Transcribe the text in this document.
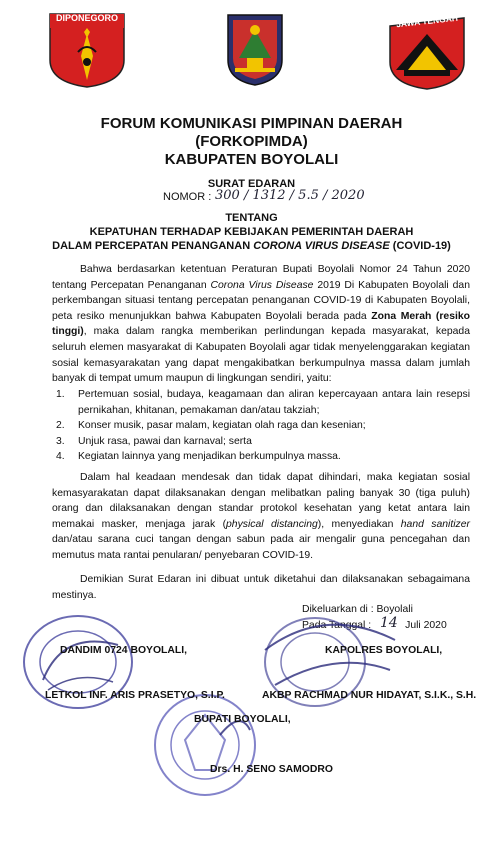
DIPONEGORO	JAWA TENGAH
FORUM KOMUNIKASI PIMPINAN DAERAH
(FORKOPIMDA)
KABUPATEN BOYOLALI
SURAT EDARAN
NOMOR : 300 / 1312 / 5.5 / 2020
TENTANG
KEPATUHAN TERHADAP KEBIJAKAN PEMERINTAH DAERAH
DALAM PERCEPATAN PENANGANAN CORONA VIRUS DISEASE (COVID-19)
Bahwa berdasarkan ketentuan Peraturan Bupati Boyolali Nomor 24 Tahun 2020 tentang Percepatan Penanganan Corona Virus Disease 2019 Di Kabupaten Boyolali dan perkembangan situasi tentang percepatan penanganan COVID-19 di Kabupaten Boyolali, peta resiko menunjukkan bahwa Kabupaten Boyolali berada pada Zona Merah (resiko tinggi), maka dalam rangka memberikan perlindungan kepada masyarakat, kepada seluruh elemen masyarakat di Kabupaten Boyolali agar tidak menyelenggarakan kegiatan sosial kemasyarakatan yang dapat mengakibatkan berkumpulnya massa dalam jumlah banyak di tempat umum maupun di lingkungan sendiri, yaitu:
1.	Pertemuan sosial, budaya, keagamaan dan aliran kepercayaan antara lain resepsi pernikahan, khitanan, pemakaman dan/atau takziah;
2.	Konser musik, pasar malam, kegiatan olah raga dan kesenian;
3.	Unjuk rasa, pawai dan karnaval; serta
4.	Kegiatan lainnya yang menjadikan berkumpulnya massa.
Dalam hal keadaan mendesak dan tidak dapat dihindari, maka kegiatan sosial kemasyarakatan dapat dilaksanakan dengan melibatkan paling banyak 30 (tiga puluh) orang dan dilaksanakan dengan standar protokol kesehatan yang ketat antara lain memakai masker, menjaga jarak (physical distancing), menyediakan hand sanitizer dan/atau sarana cuci tangan dengan sabun pada air mengalir guna pencegahan dan memutus mata rantai penularan/ penyebaran COVID-19.
Demikian Surat Edaran ini dibuat untuk diketahui dan dilaksanakan sebagaimana mestinya.
Dikeluarkan di : Boyolali
Pada Tanggal :	Juli 2020
14
DANDIM 0724 BOYOLALI,	KAPOLRES BOYOLALI,
LETKOL INF. ARIS PRASETYO, S.I.P.	AKBP RACHMAD NUR HIDAYAT, S.I.K., S.H.
BUPATI BOYOLALI,
Drs. H. SENO SAMODRO
